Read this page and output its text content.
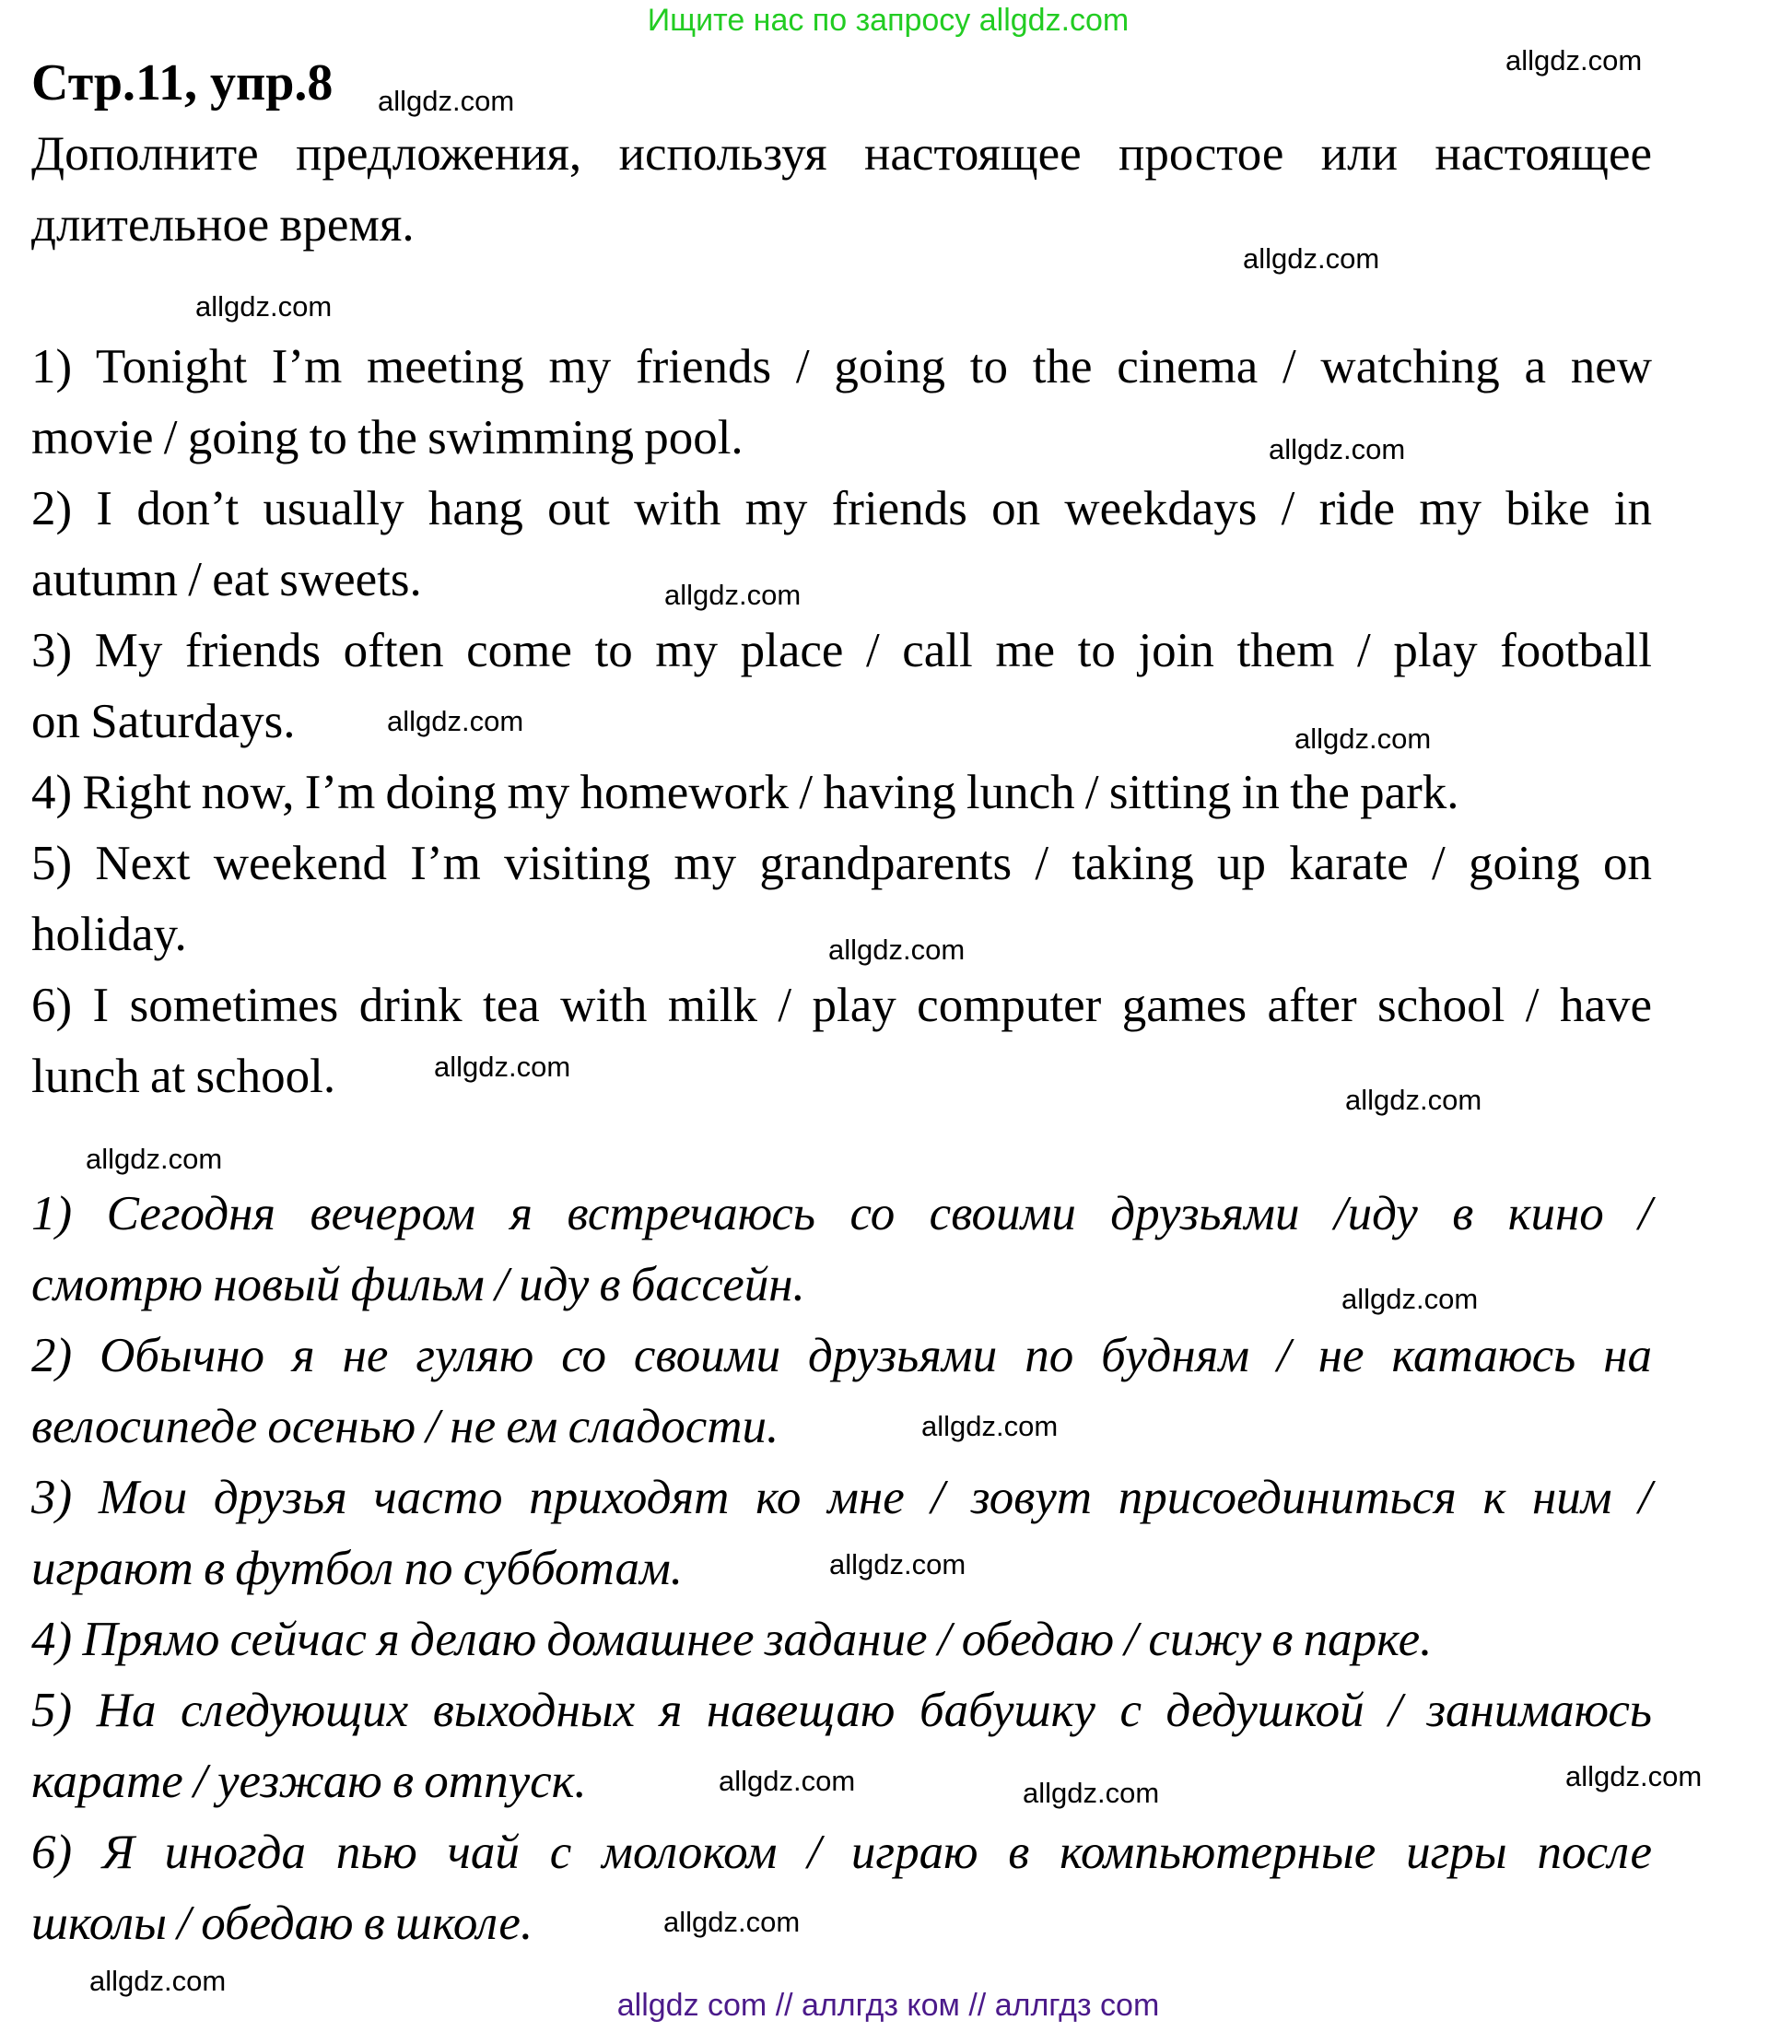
Ищите нас по запросу allgdz.com
Стр.11, упр.8
Дополните предложения, используя настоящее простое или настоящее
длительное время.
1) Tonight I’m meeting my friends / going to the cinema / watching a new
movie / going to the swimming pool.
2) I don’t usually hang out with my friends on weekdays / ride my bike in
autumn / eat sweets.
3) My friends often come to my place / call me to join them / play football
on Saturdays.
4) Right now, I’m doing my homework / having lunch / sitting in the park.
5) Next weekend I’m visiting my grandparents / taking up karate / going on
holiday.
6) I sometimes drink tea with milk / play computer games after school / have
lunch at school.
1) Сегодня вечером я встречаюсь со своими друзьями /иду в кино /
смотрю новый фильм / иду в бассейн.
2) Обычно я не гуляю со своими друзьями по будням / не катаюсь на
велосипеде осенью / не ем сладости.
3) Мои друзья часто приходят ко мне / зовут присоединиться к ним /
играют в футбол по субботам.
4) Прямо сейчас я делаю домашнее задание / обедаю / сижу в парке.
5) На следующих выходных я навещаю бабушку с дедушкой / занимаюсь
карате / уезжаю в отпуск.
6) Я иногда пью чай с молоком / играю в компьютерные игры после
школы / обедаю в школе.
allgdz.com
allgdz.com
allgdz.com
allgdz.com
allgdz.com
allgdz.com
allgdz.com
allgdz.com
allgdz.com
allgdz.com
allgdz.com
allgdz.com
allgdz.com
allgdz.com
allgdz.com
allgdz.com	allgdz.com
allgdz.com
allgdz.com
allgdz.com
allgdz com // аллгдз ком // аллгдз com
